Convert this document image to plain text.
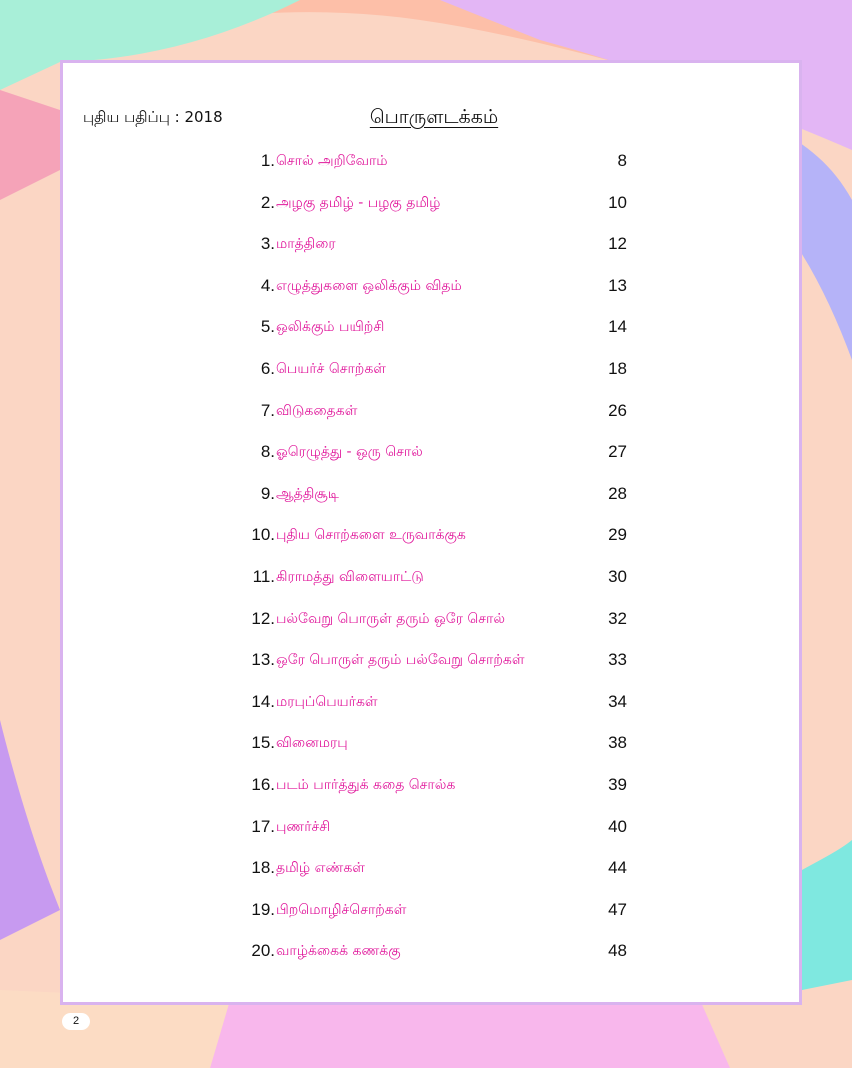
புதிய பதிப்பு : 2018	பொருளடக்கம்
1. சொல் அறிவோம்	8
2. அழகு தமிழ் - பழகு தமிழ்	10
3. மாத்திரை	12
4. எழுத்துகளை ஒலிக்கும் விதம்	13
5. ஒலிக்கும் பயிற்சி	14
6. பெயர்ச் சொற்கள்	18
7. விடுகதைகள்	26
8. ஓரெழுத்து - ஒரு சொல்	27
9. ஆத்திசூடி	28
10. புதிய சொற்களை உருவாக்குக	29
11. கிராமத்து விளையாட்டு	30
12. பல்வேறு பொருள் தரும் ஒரே சொல்	32
13. ஒரே பொருள் தரும் பல்வேறு சொற்கள்	33
14. மரபுப்பெயர்கள்	34
15. வினைமரபு	38
16. படம் பார்த்துக் கதை சொல்க	39
17. புணர்ச்சி	40
18. தமிழ் எண்கள்	44
19. பிறமொழிச்சொற்கள்	47
20. வாழ்க்கைக் கணக்கு	48
2
